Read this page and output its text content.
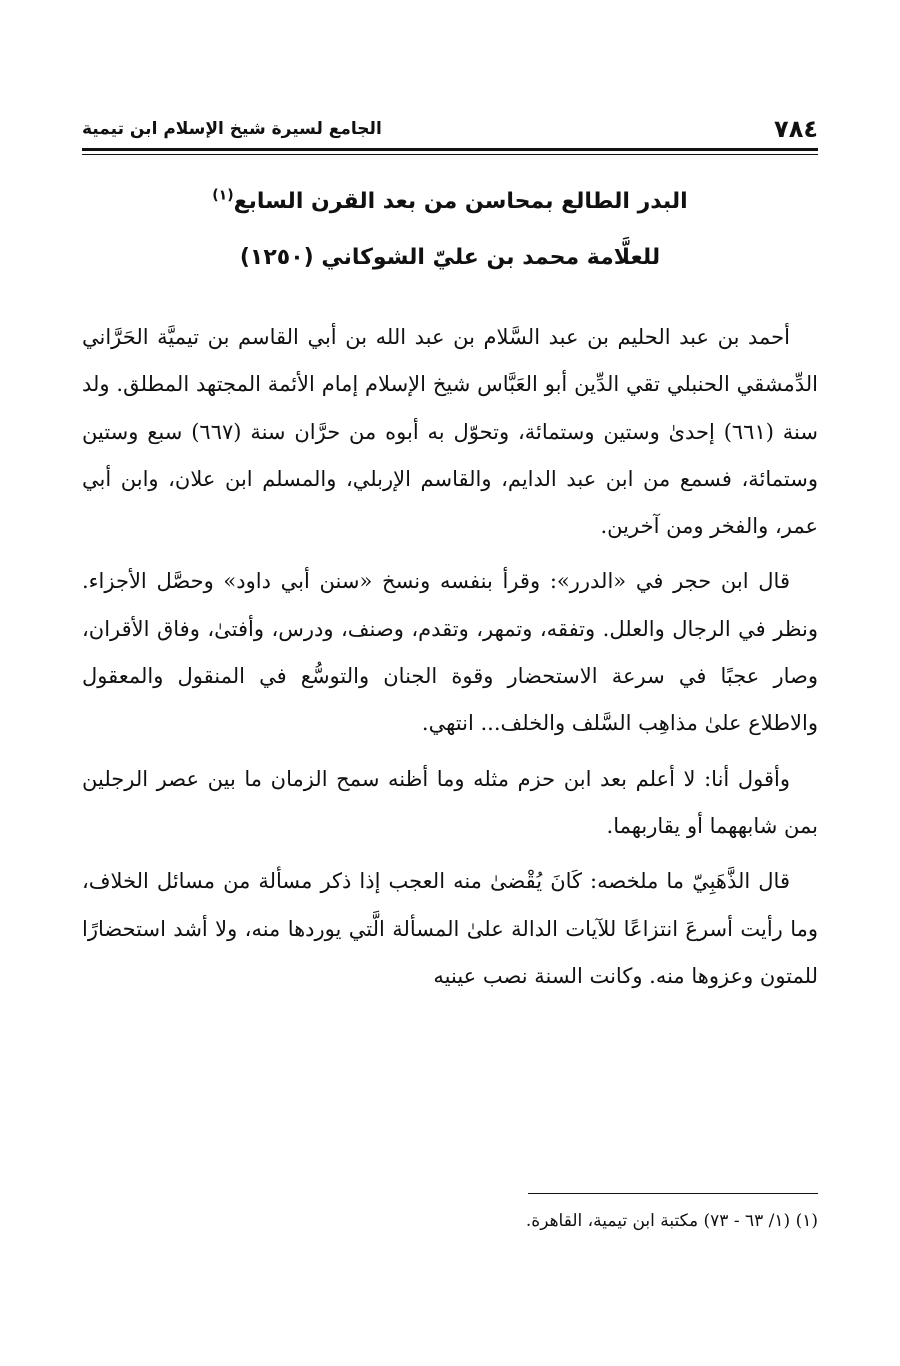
٧٨٤
الجامع لسيرة شيخ الإسلام ابن تيمية
البدر الطالع بمحاسن من بعد القرن السابع$^{(١)}$
للعلَّامة محمد بن عليّ الشوكاني (١٢٥٠)

أحمد بن عبد الحليم بن عبد السَّلام بن عبد الله بن أبي القاسم بن تيميَّة الحَرَّاني الدِّمشقي الحنبلي تقي الدِّين أبو العَبَّاس شيخ الإسلام إمام الأئمة المجتهد المطلق. ولد سنة (٦٦١) إحدىٰ وستين وستمائة، وتحوّل به أبوه من حرَّان سنة (٦٦٧) سبع وستين وستمائة، فسمع من ابن عبد الدايم، والقاسم الإربلي، والمسلم ابن علان، وابن أبي عمر، والفخر ومن آخرين.

قال ابن حجر في «الدرر»: وقرأ بنفسه ونسخ «سنن أبي داود» وحصَّل الأجزاء. ونظر في الرجال والعلل. وتفقه، وتمهر، وتقدم، وصنف، ودرس، وأفتىٰ، وفاق الأقران، وصار عجبًا في سرعة الاستحضار وقوة الجنان والتوسُّع في المنقول والمعقول والاطلاع علىٰ مذاهِب السَّلف والخلف... انتهي.

وأقول أنا: لا أعلم بعد ابن حزم مثله وما أظنه سمح الزمان ما بين عصر الرجلين بمن شابههما أو يقاربهما.

قال الذَّهَبِيّ ما ملخصه: كَانَ يُقْضىٰ منه العجب إذا ذكر مسألة من مسائل الخلاف، وما رأيت أسرعَ انتزاعًا للآيات الدالة علىٰ المسألة الَّتي يوردها منه، ولا أشد استحضارًا للمتون وعزوها منه. وكانت السنة نصب عينيه

(١) (١/ ٦٣ - ٧٣) مكتبة ابن تيمية، القاهرة.
